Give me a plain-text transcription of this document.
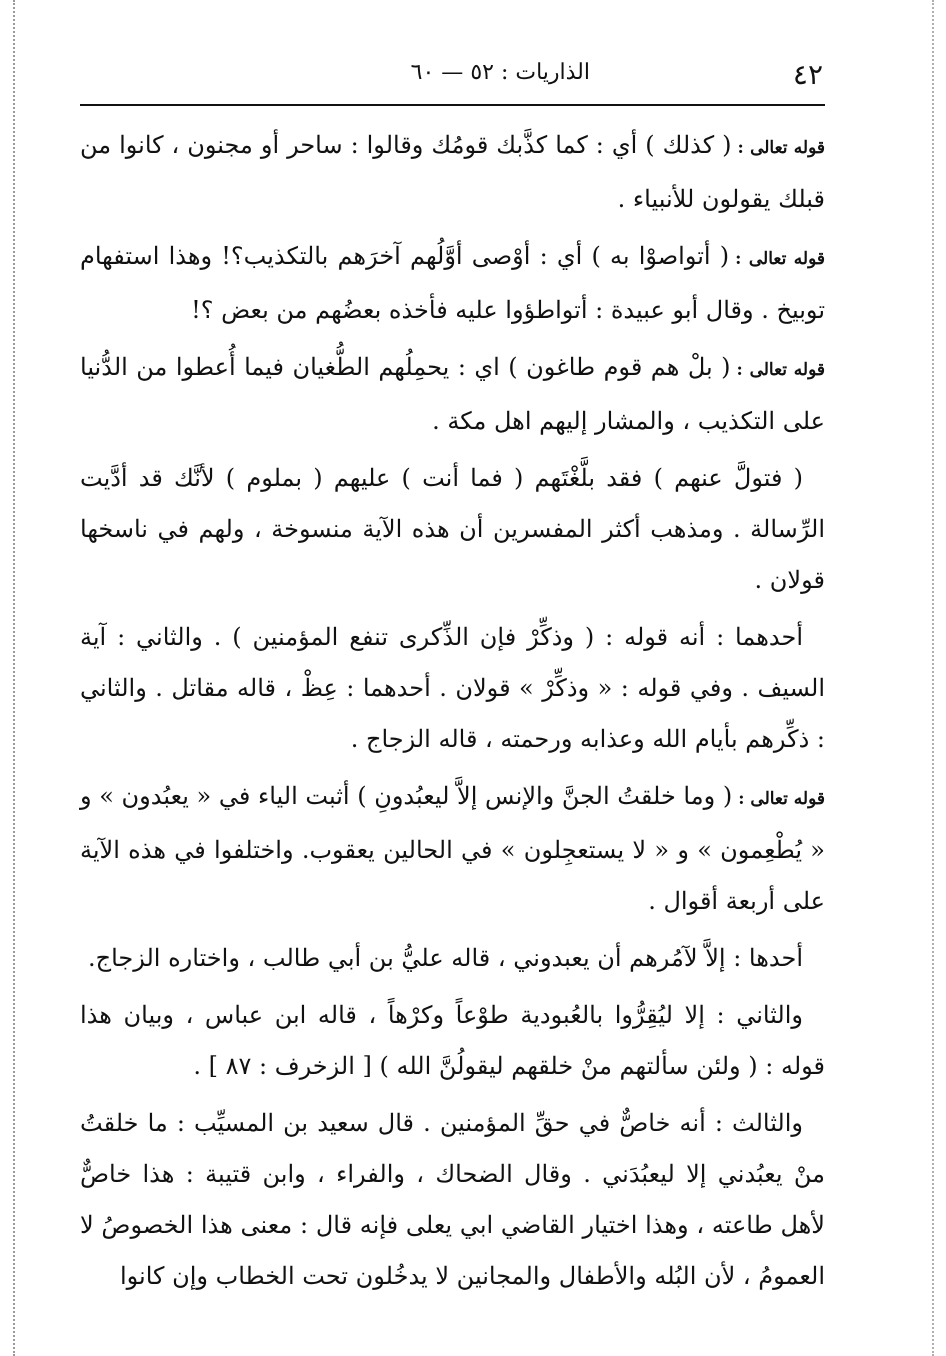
٤٢
الذاريات : ٥٢ — ٦٠

قوله تعالى :( كذلك ) أي : كما كذَّبك قومُك وقالوا : ساحر أو مجنون ، كانوا من قبلك يقولون للأنبياء .

قوله تعالى :( أتواصوْا به ) أي : أوْصى أوَّلُهم آخرَهم بالتكذيب؟! وهذا استفهام توبيخ . وقال أبو عبيدة : أتواطؤوا عليه فأخذه بعضُهم من بعض ؟!

قوله تعالى :( بلْ هم قوم طاغون ) اي : يحمِلُهم الطُّغيان فيما أُعطوا من الدُّنيا على التكذيب ، والمشار إليهم اهل مكة .

( فتولَّ عنهم ) فقد بلَّغْتَهم ( فما أنت ) عليهم ( بملوم ) لأنَّك قد أدَّيت الرِّسالة . ومذهب أكثر المفسرين أن هذه الآية منسوخة ، ولهم في ناسخها قولان .

أحدهما : أنه قوله : ( وذكِّرْ فإن الذِّكرى تنفع المؤمنين ) . والثاني : آية السيف . وفي قوله : « وذكِّرْ » قولان . أحدهما : عِظْ ، قاله مقاتل . والثاني : ذكِّرهم بأيام الله وعذابه ورحمته ، قاله الزجاج .

قوله تعالى :( وما خلقتُ الجنَّ والإنس إلاَّ ليعبُدونِ ) أثبت الياء في « يعبُدون » و « يُطْعِمون » و « لا يستعجِلون » في الحالين يعقوب. واختلفوا في هذه الآية على أربعة أقوال .

أحدها : إلاَّ لآمُرهم أن يعبدوني ، قاله عليُّ بن أبي طالب ، واختاره الزجاج.

والثاني : إلا ليُقِرُّوا بالعُبودية طوْعاً وكرْهاً ، قاله ابن عباس ، وبيان هذا قوله : ( ولئن سألتهم منْ خلقهم ليقولُنَّ الله ) [ الزخرف : ٨٧ ] .

والثالث : أنه خاصٌّ في حقِّ المؤمنين . قال سعيد بن المسيِّب : ما خلقتُ منْ يعبُدني إلا ليعبُدَني . وقال الضحاك ، والفراء ، وابن قتيبة : هذا خاصٌّ لأهل طاعته ، وهذا اختيار القاضي ابي يعلى فإنه قال : معنى هذا الخصوصُ لا العمومُ ، لأن البُله والأطفال والمجانين لا يدخُلون تحت الخطاب وإن كانوا
